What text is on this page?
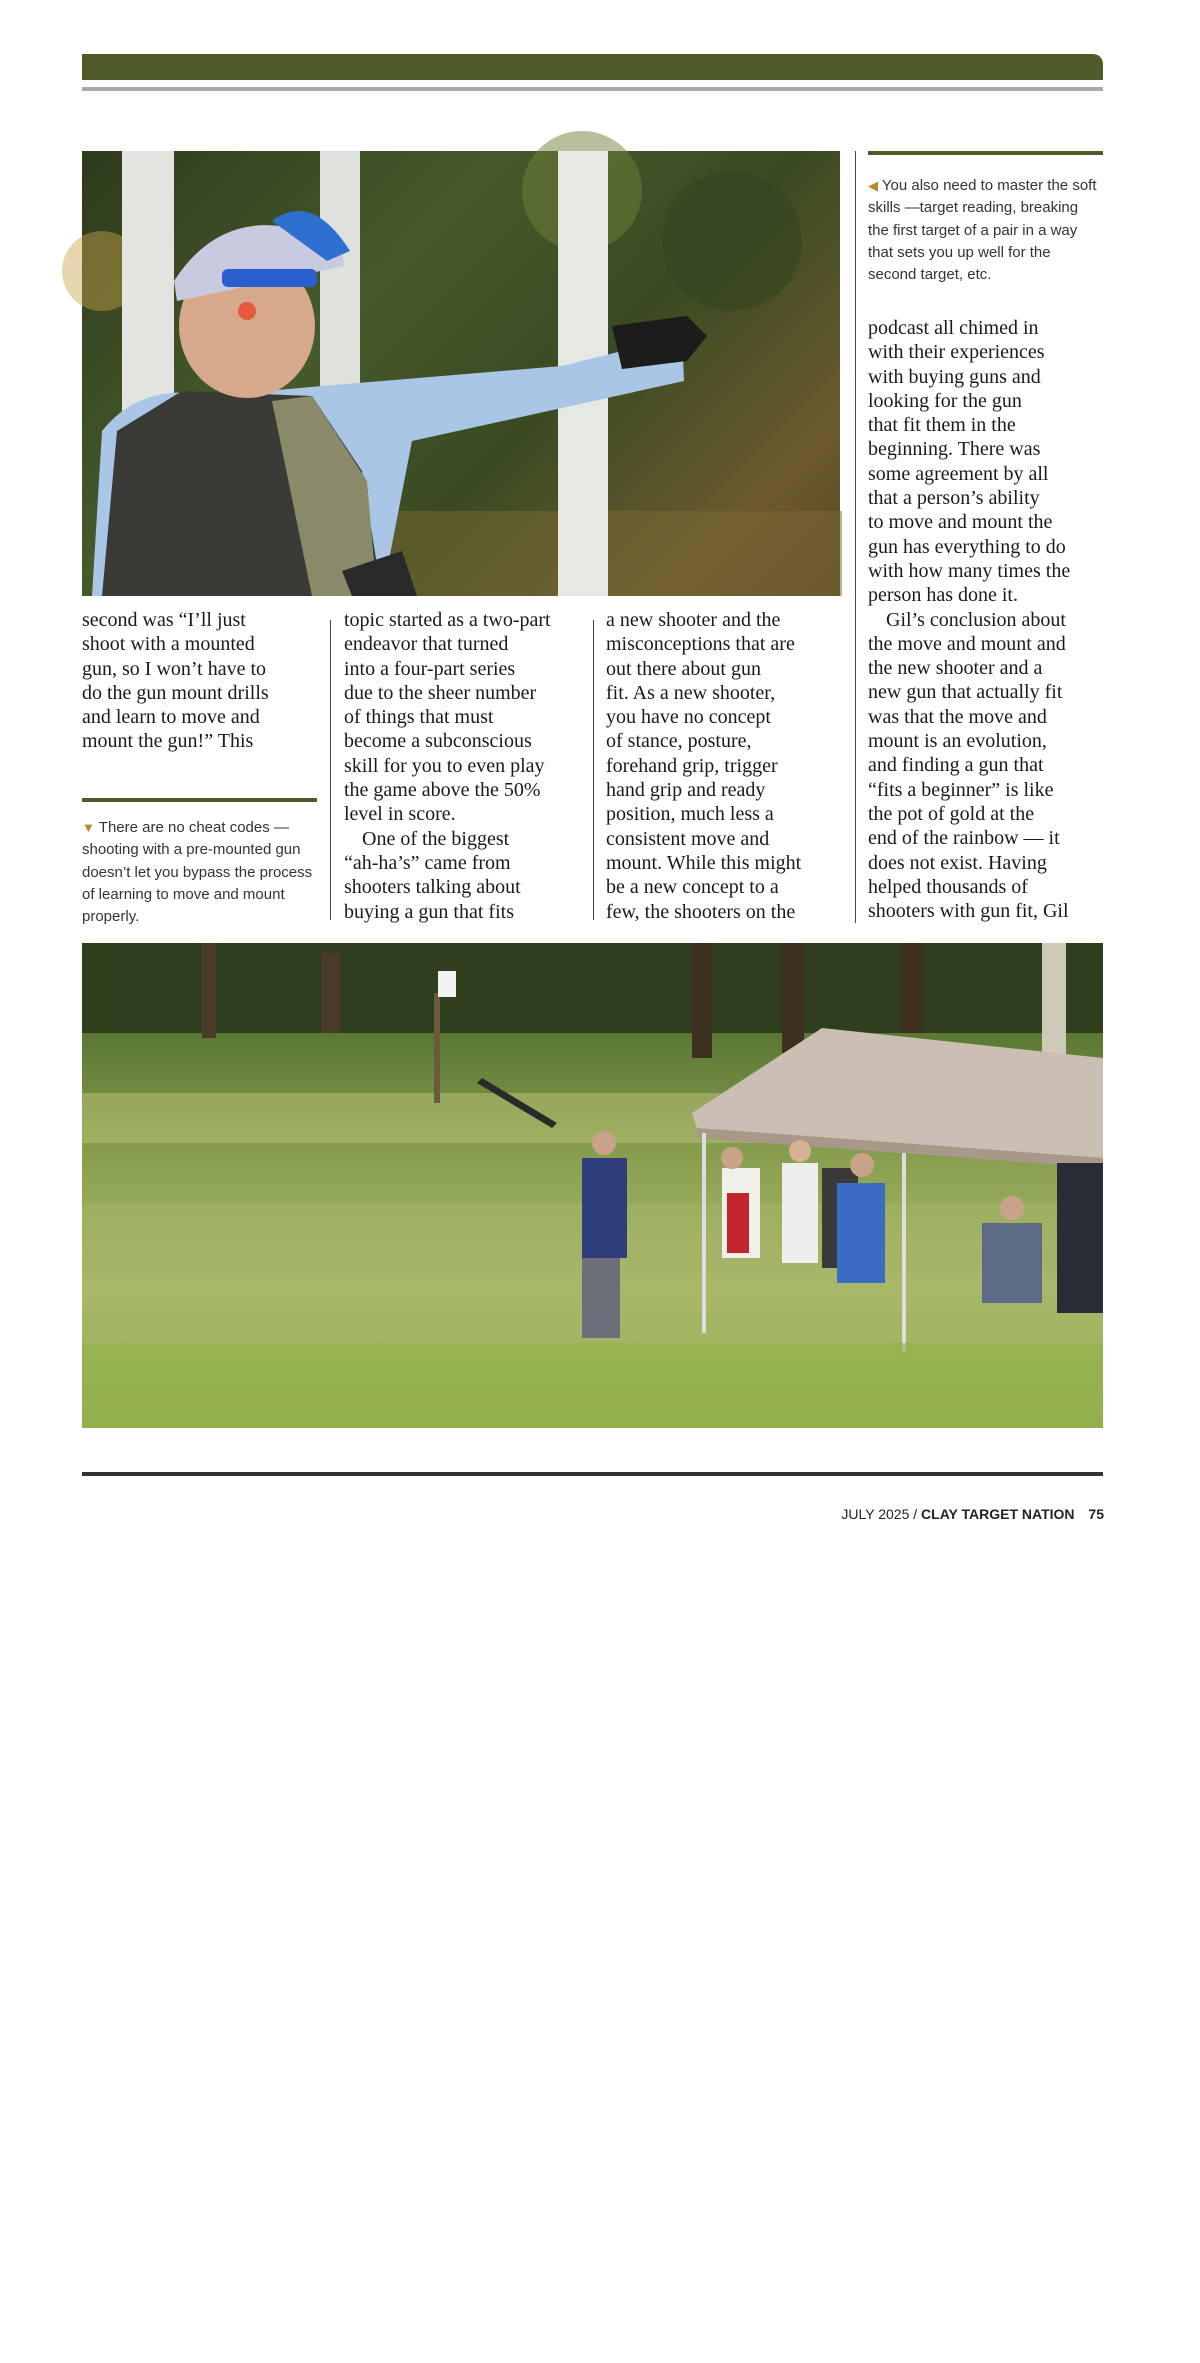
LEFTY RAY CHAPA
◀ You also need to master the soft skills —target reading, breaking the first target of a pair in a way that sets you up well for the second target, etc.

second was “I’ll just

shoot with a mounted

gun, so I won’t have to

do the gun mount drills

and learn to move and

mount the gun!” This

▼ There are no cheat codes — shooting with a pre-mounted gun doesn’t let you bypass the process of learning to move and mount properly.

topic started as a two-part

endeavor that turned

into a four-part series

due to the sheer number

of things that must

become a subconscious

skill for you to even play

the game above the 50%

level in score.

One of the biggest

“ah-ha’s” came from

shooters talking about

buying a gun that fits

a new shooter and the

misconceptions that are

out there about gun

fit. As a new shooter,

you have no concept

of stance, posture,

forehand grip, trigger

hand grip and ready

position, much less a

consistent move and

mount. While this might

be a new concept to a

few, the shooters on the

podcast all chimed in

with their experiences

with buying guns and

looking for the gun

that fit them in the

beginning. There was

some agreement by all

that a person’s ability

to move and mount the

gun has everything to do

with how many times the

person has done it.

Gil’s conclusion about

the move and mount and

the new shooter and a

new gun that actually fit

was that the move and

mount is an evolution,

and finding a gun that

“fits a beginner” is like

the pot of gold at the

end of the rainbow — it

does not exist. Having

helped thousands of

shooters with gun fit, Gil

LEFTY RAY CHAPA
JULY 2025 / CLAY TARGET NATION 75
